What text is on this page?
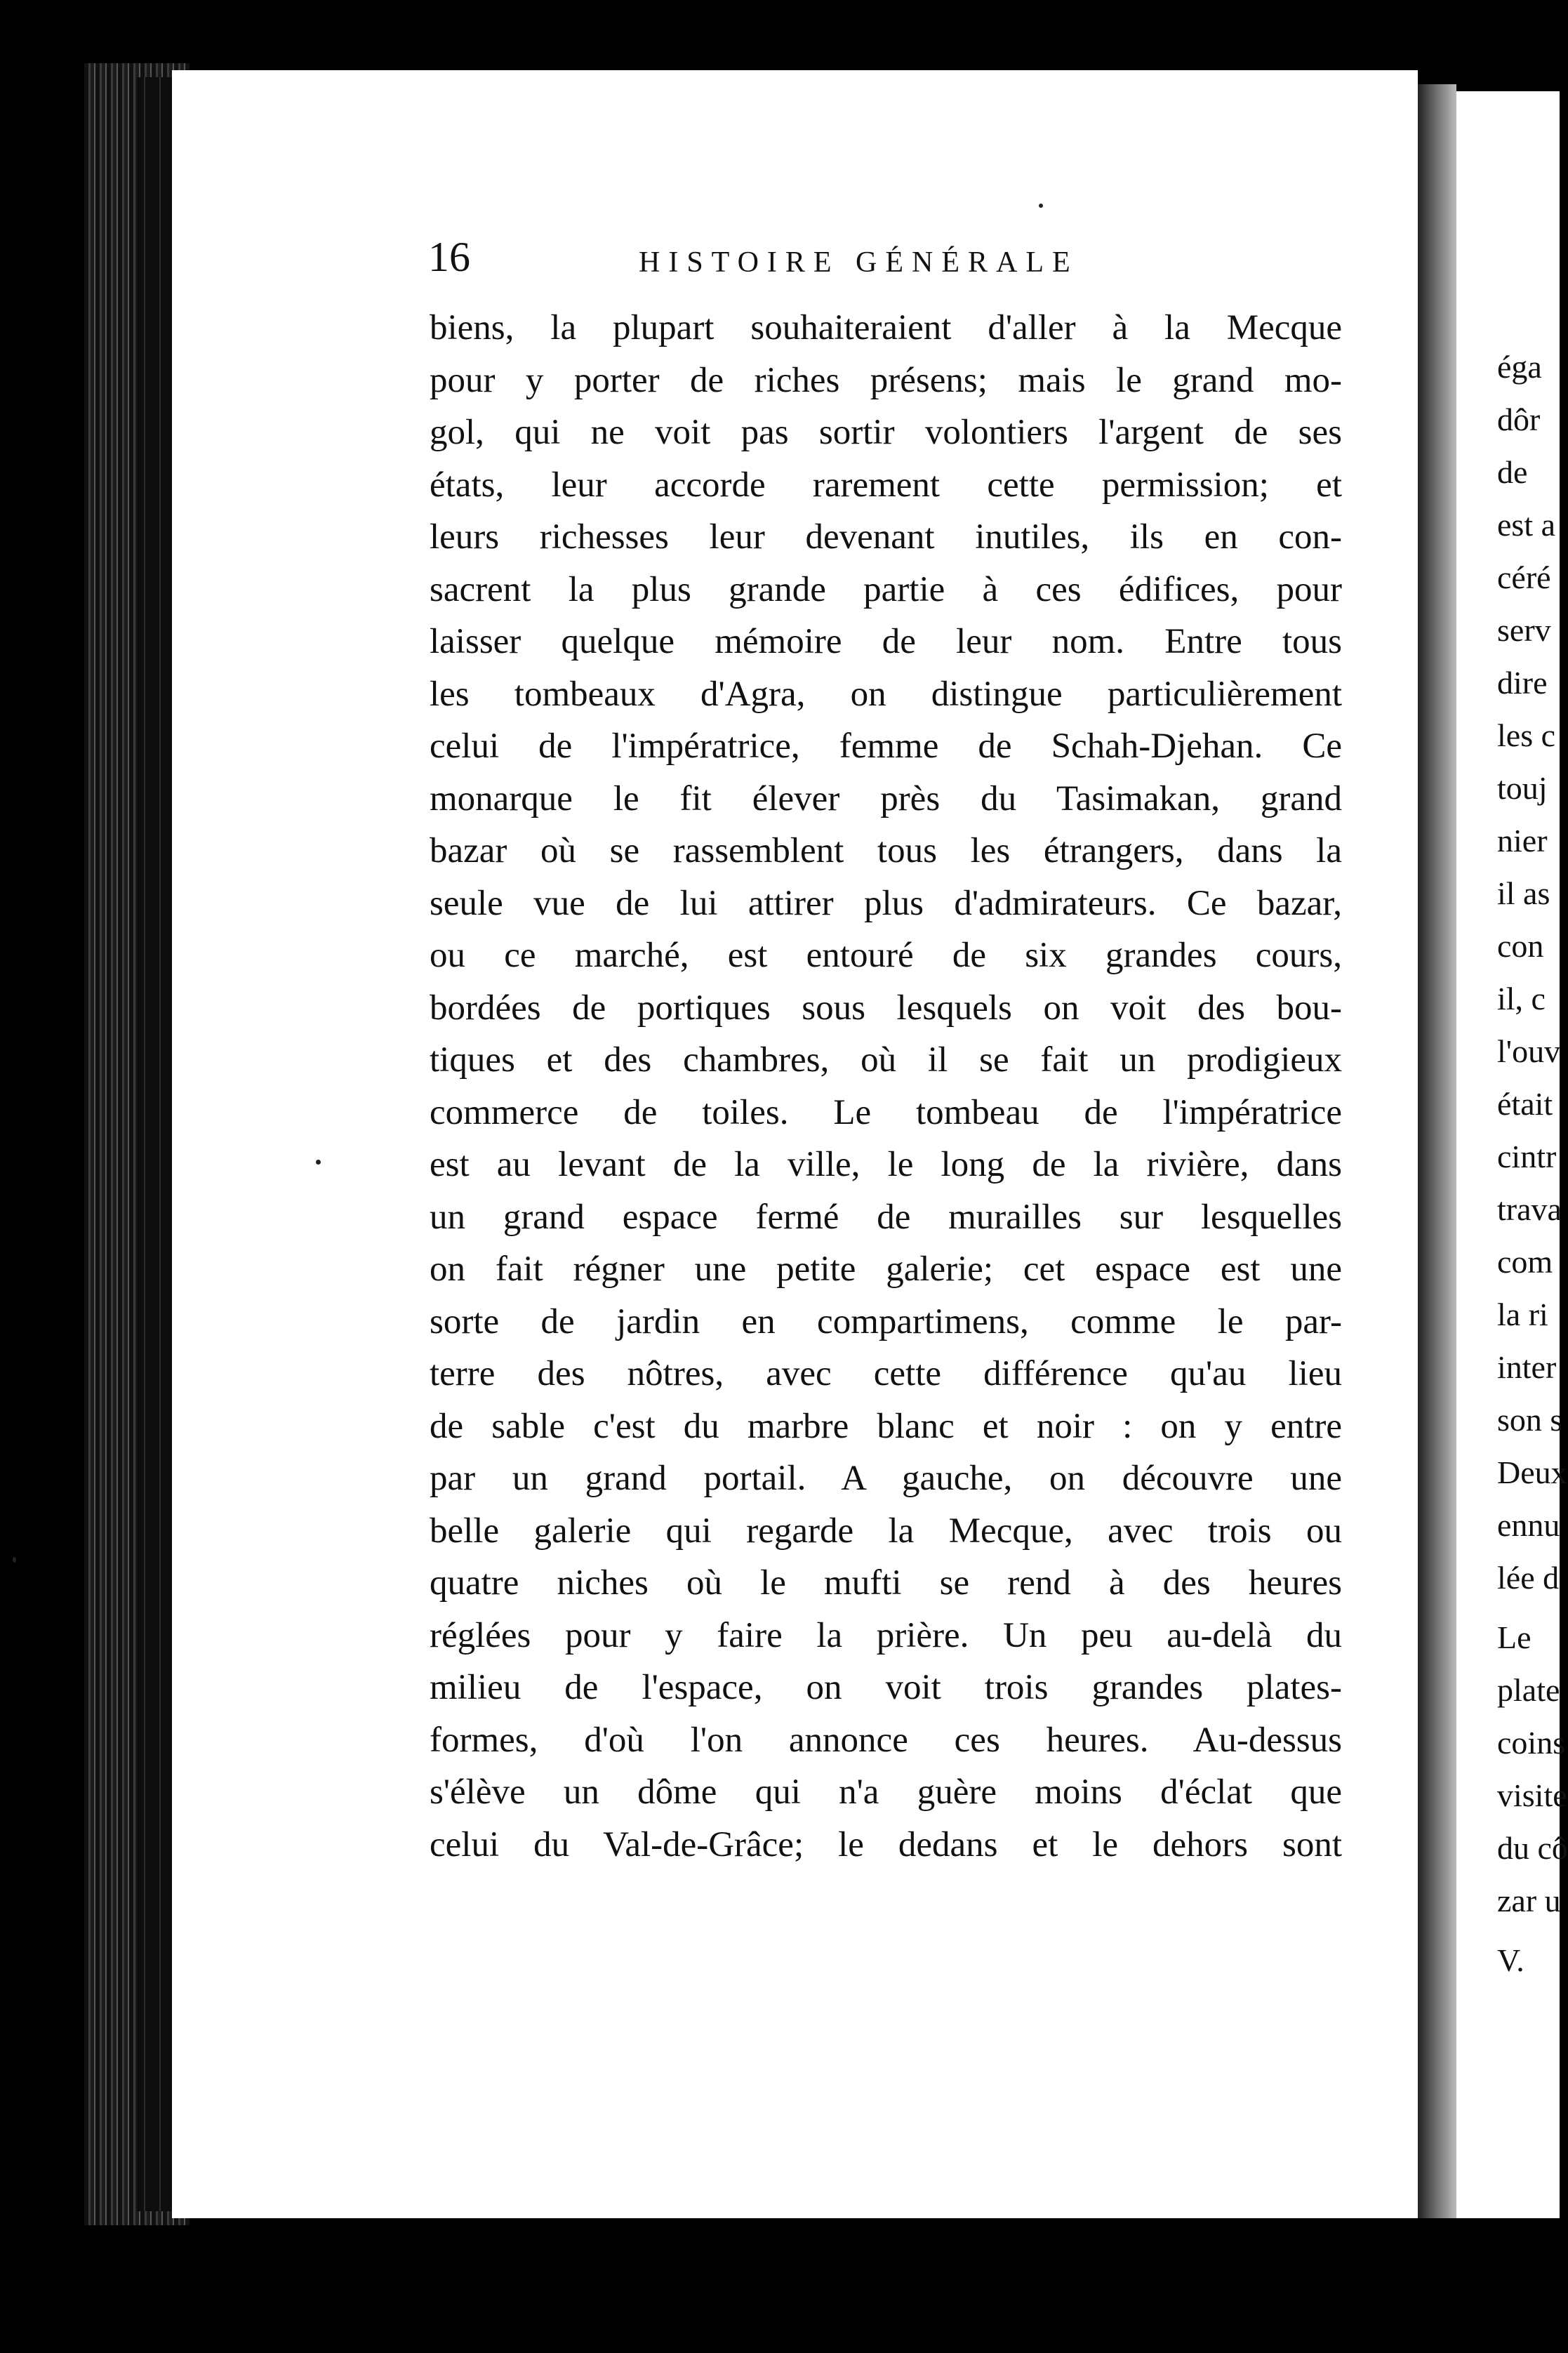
16	HISTOIRE GÉNÉRALE
biens, la plupart souhaiteraient d'aller à la Mecque
pour y porter de riches présens; mais le grand mo-
gol, qui ne voit pas sortir volontiers l'argent de ses
états, leur accorde rarement cette permission; et
leurs richesses leur devenant inutiles, ils en con-
sacrent la plus grande partie à ces édifices, pour
laisser quelque mémoire de leur nom. Entre tous
les tombeaux d'Agra, on distingue particulièrement
celui de l'impératrice, femme de Schah-Djehan. Ce
monarque le fit élever près du Tasimakan, grand
bazar où se rassemblent tous les étrangers, dans la
seule vue de lui attirer plus d'admirateurs. Ce bazar,
ou ce marché, est entouré de six grandes cours,
bordées de portiques sous lesquels on voit des bou-
tiques et des chambres, où il se fait un prodigieux
commerce de toiles. Le tombeau de l'impératrice
est au levant de la ville, le long de la rivière, dans
un grand espace fermé de murailles sur lesquelles
on fait régner une petite galerie; cet espace est une
sorte de jardin en compartimens, comme le par-
terre des nôtres, avec cette différence qu'au lieu
de sable c'est du marbre blanc et noir : on y entre
par un grand portail. A gauche, on découvre une
belle galerie qui regarde la Mecque, avec trois ou
quatre niches où le mufti se rend à des heures
réglées pour y faire la prière. Un peu au-delà du
milieu de l'espace, on voit trois grandes plates-
formes, d'où l'on annonce ces heures. Au-dessus
s'élève un dôme qui n'a guère moins d'éclat que
celui du Val-de-Grâce; le dedans et le dehors sont
éga
dôr
de
est a
céré
serv
dire
les c
touj
nier
il as
con
il, c
l'ouv
était
cintr
trava
com
la ri
inter
son s
Deux
ennu
lée d
Le
plate
coins
visite
du cô
zar u
V.
